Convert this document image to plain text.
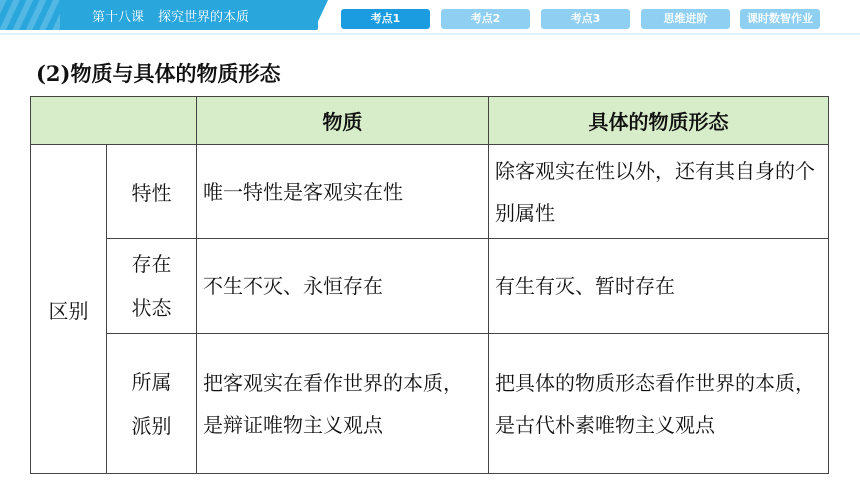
第十八课 探究世界的本质	考点1	考点2	考点3	思维进阶	课时数智作业
(2)物质与具体的物质形态
		物质	具体的物质形态
区别	特性	唯一特性是客观实在性	除客观实在性以外，还有其自身的个别属性
	存在状态	不生不灭、永恒存在	有生有灭、暂时存在
	所属派别	把客观实在看作世界的本质，是辩证唯物主义观点	把具体的物质形态看作世界的本质，是古代朴素唯物主义观点
